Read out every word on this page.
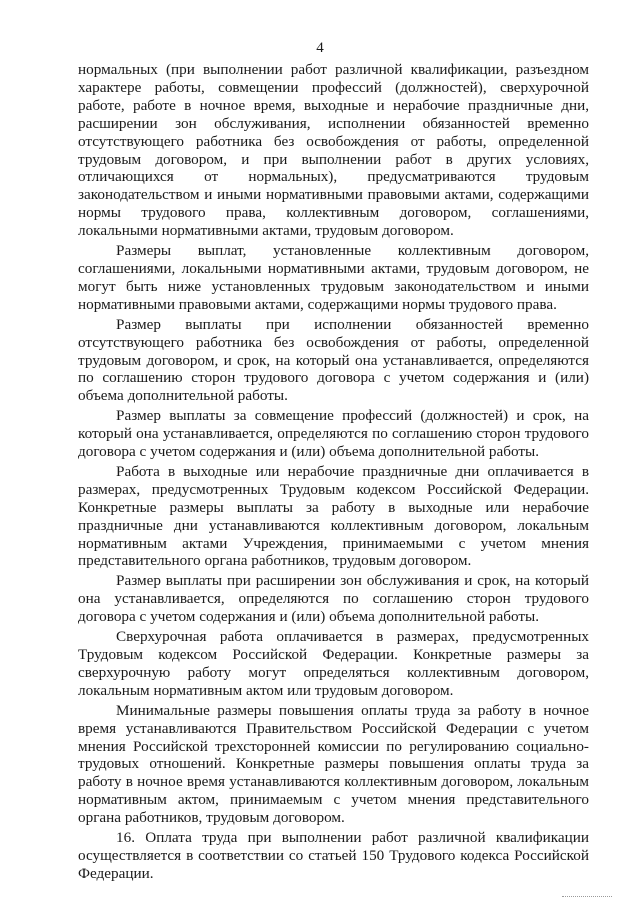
4

нормальных (при выполнении работ различной квалификации, разъездном характере работы, совмещении профессий (должностей), сверхурочной работе, работе в ночное время, выходные и нерабочие праздничные дни, расширении зон обслуживания, исполнении обязанностей временно отсутствующего работника без освобождения от работы, определенной трудовым договором, и при выполнении работ в других условиях, отличающихся от нормальных), предусматриваются трудовым законодательством и иными нормативными правовыми актами, содержащими нормы трудового права, коллективным договором, соглашениями, локальными нормативными актами, трудовым договором.

Размеры выплат, установленные коллективным договором, соглашениями, локальными нормативными актами, трудовым договором, не могут быть ниже установленных трудовым законодательством и иными нормативными правовыми актами, содержащими нормы трудового права.

Размер выплаты при исполнении обязанностей временно отсутствующего работника без освобождения от работы, определенной трудовым договором, и срок, на который она устанавливается, определяются по соглашению сторон трудового договора с учетом содержания и (или) объема дополнительной работы.

Размер выплаты за совмещение профессий (должностей) и срок, на который она устанавливается, определяются по соглашению сторон трудового договора с учетом содержания и (или) объема дополнительной работы.

Работа в выходные или нерабочие праздничные дни оплачивается в размерах, предусмотренных Трудовым кодексом Российской Федерации. Конкретные размеры выплаты за работу в выходные или нерабочие праздничные дни устанавливаются коллективным договором, локальным нормативным актами Учреждения, принимаемыми с учетом мнения представительного органа работников, трудовым договором.

Размер выплаты при расширении зон обслуживания и срок, на который она устанавливается, определяются по соглашению сторон трудового договора с учетом содержания и (или) объема дополнительной работы.

Сверхурочная работа оплачивается в размерах, предусмотренных Трудовым кодексом Российской Федерации. Конкретные размеры за сверхурочную работу могут определяться коллективным договором, локальным нормативным актом или трудовым договором.

Минимальные размеры повышения оплаты труда за работу в ночное время устанавливаются Правительством Российской Федерации с учетом мнения Российской трехсторонней комиссии по регулированию социально-трудовых отношений. Конкретные размеры повышения оплаты труда за работу в ночное время устанавливаются коллективным договором, локальным нормативным актом, принимаемым с учетом мнения представительного органа работников, трудовым договором.

16. Оплата труда при выполнении работ различной квалификации осуществляется в соответствии со статьей 150 Трудового кодекса Российской Федерации.
